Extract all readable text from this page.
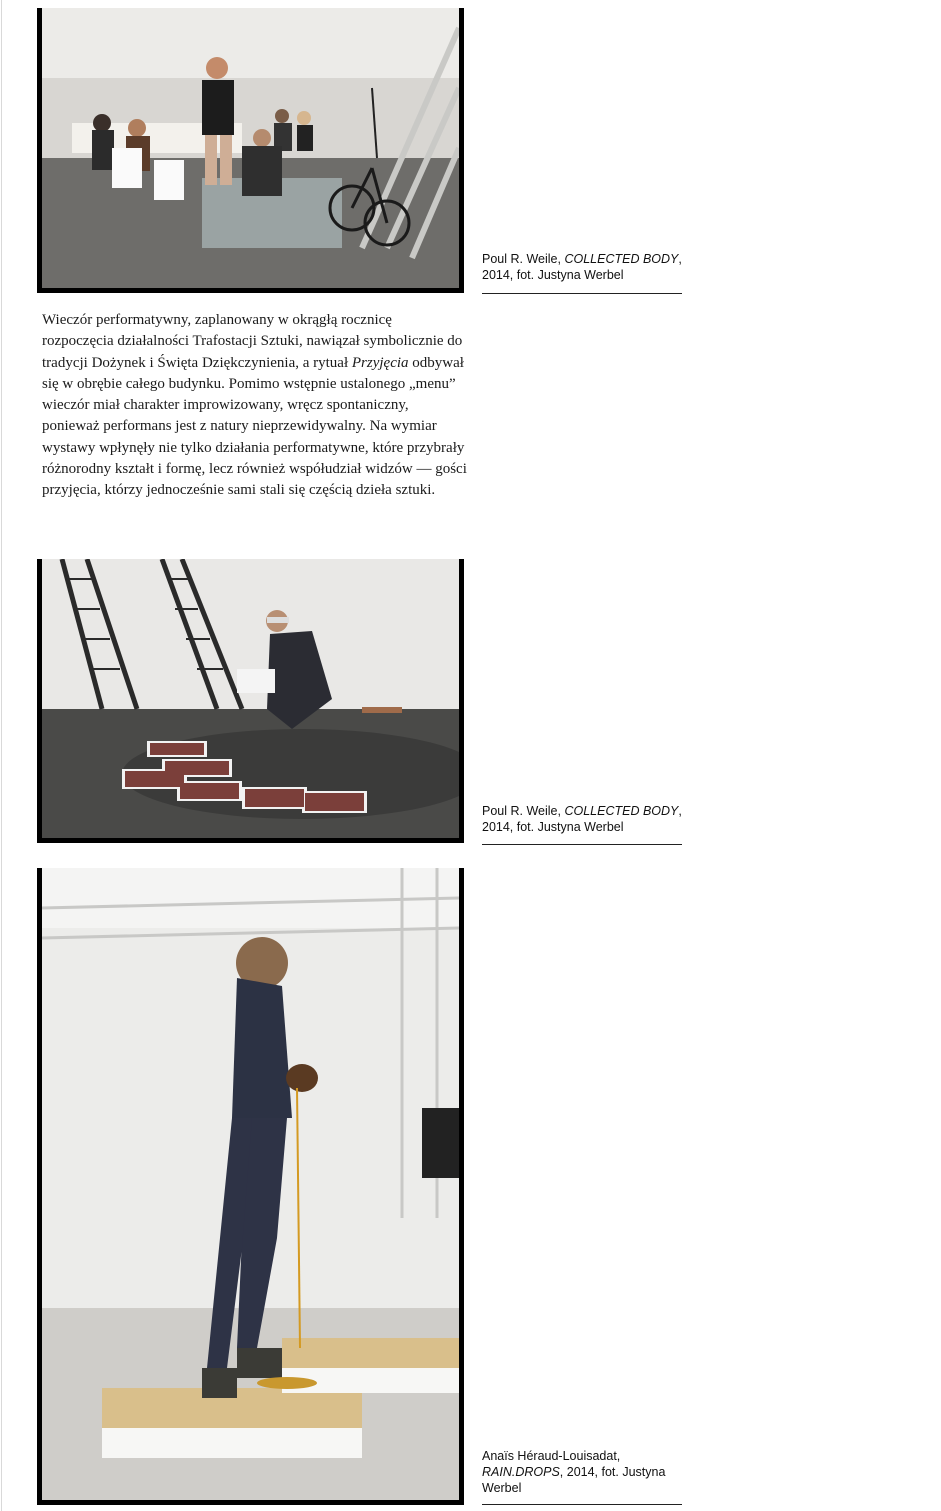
Poul R. Weile, COLLECTED BODY, 2014, fot. Justyna Werbel
Wieczór performatywny, zaplanowany w okrągłą rocznicę rozpoczęcia działalności Trafostacji Sztuki, nawiązał symbolicznie do tradycji Dożynek i Święta Dziękczynienia, a rytuał Przyjęcia odbywał się w obrębie całego budynku. Pomimo wstępnie ustalonego „menu” wieczór miał charakter improwizowany, wręcz spontaniczny, ponieważ performans jest z natury nieprzewidywalny. Na wymiar wystawy wpłynęły nie tylko działania performatywne, które przybrały różnorodny kształt i formę, lecz również współudział widzów — gości przyjęcia, którzy jednocześnie sami stali się częścią dzieła sztuki.
Poul R. Weile, COLLECTED BODY, 2014, fot. Justyna Werbel
Anaïs Héraud-Louisadat, RAIN.DROPS, 2014, fot. Justyna Werbel
